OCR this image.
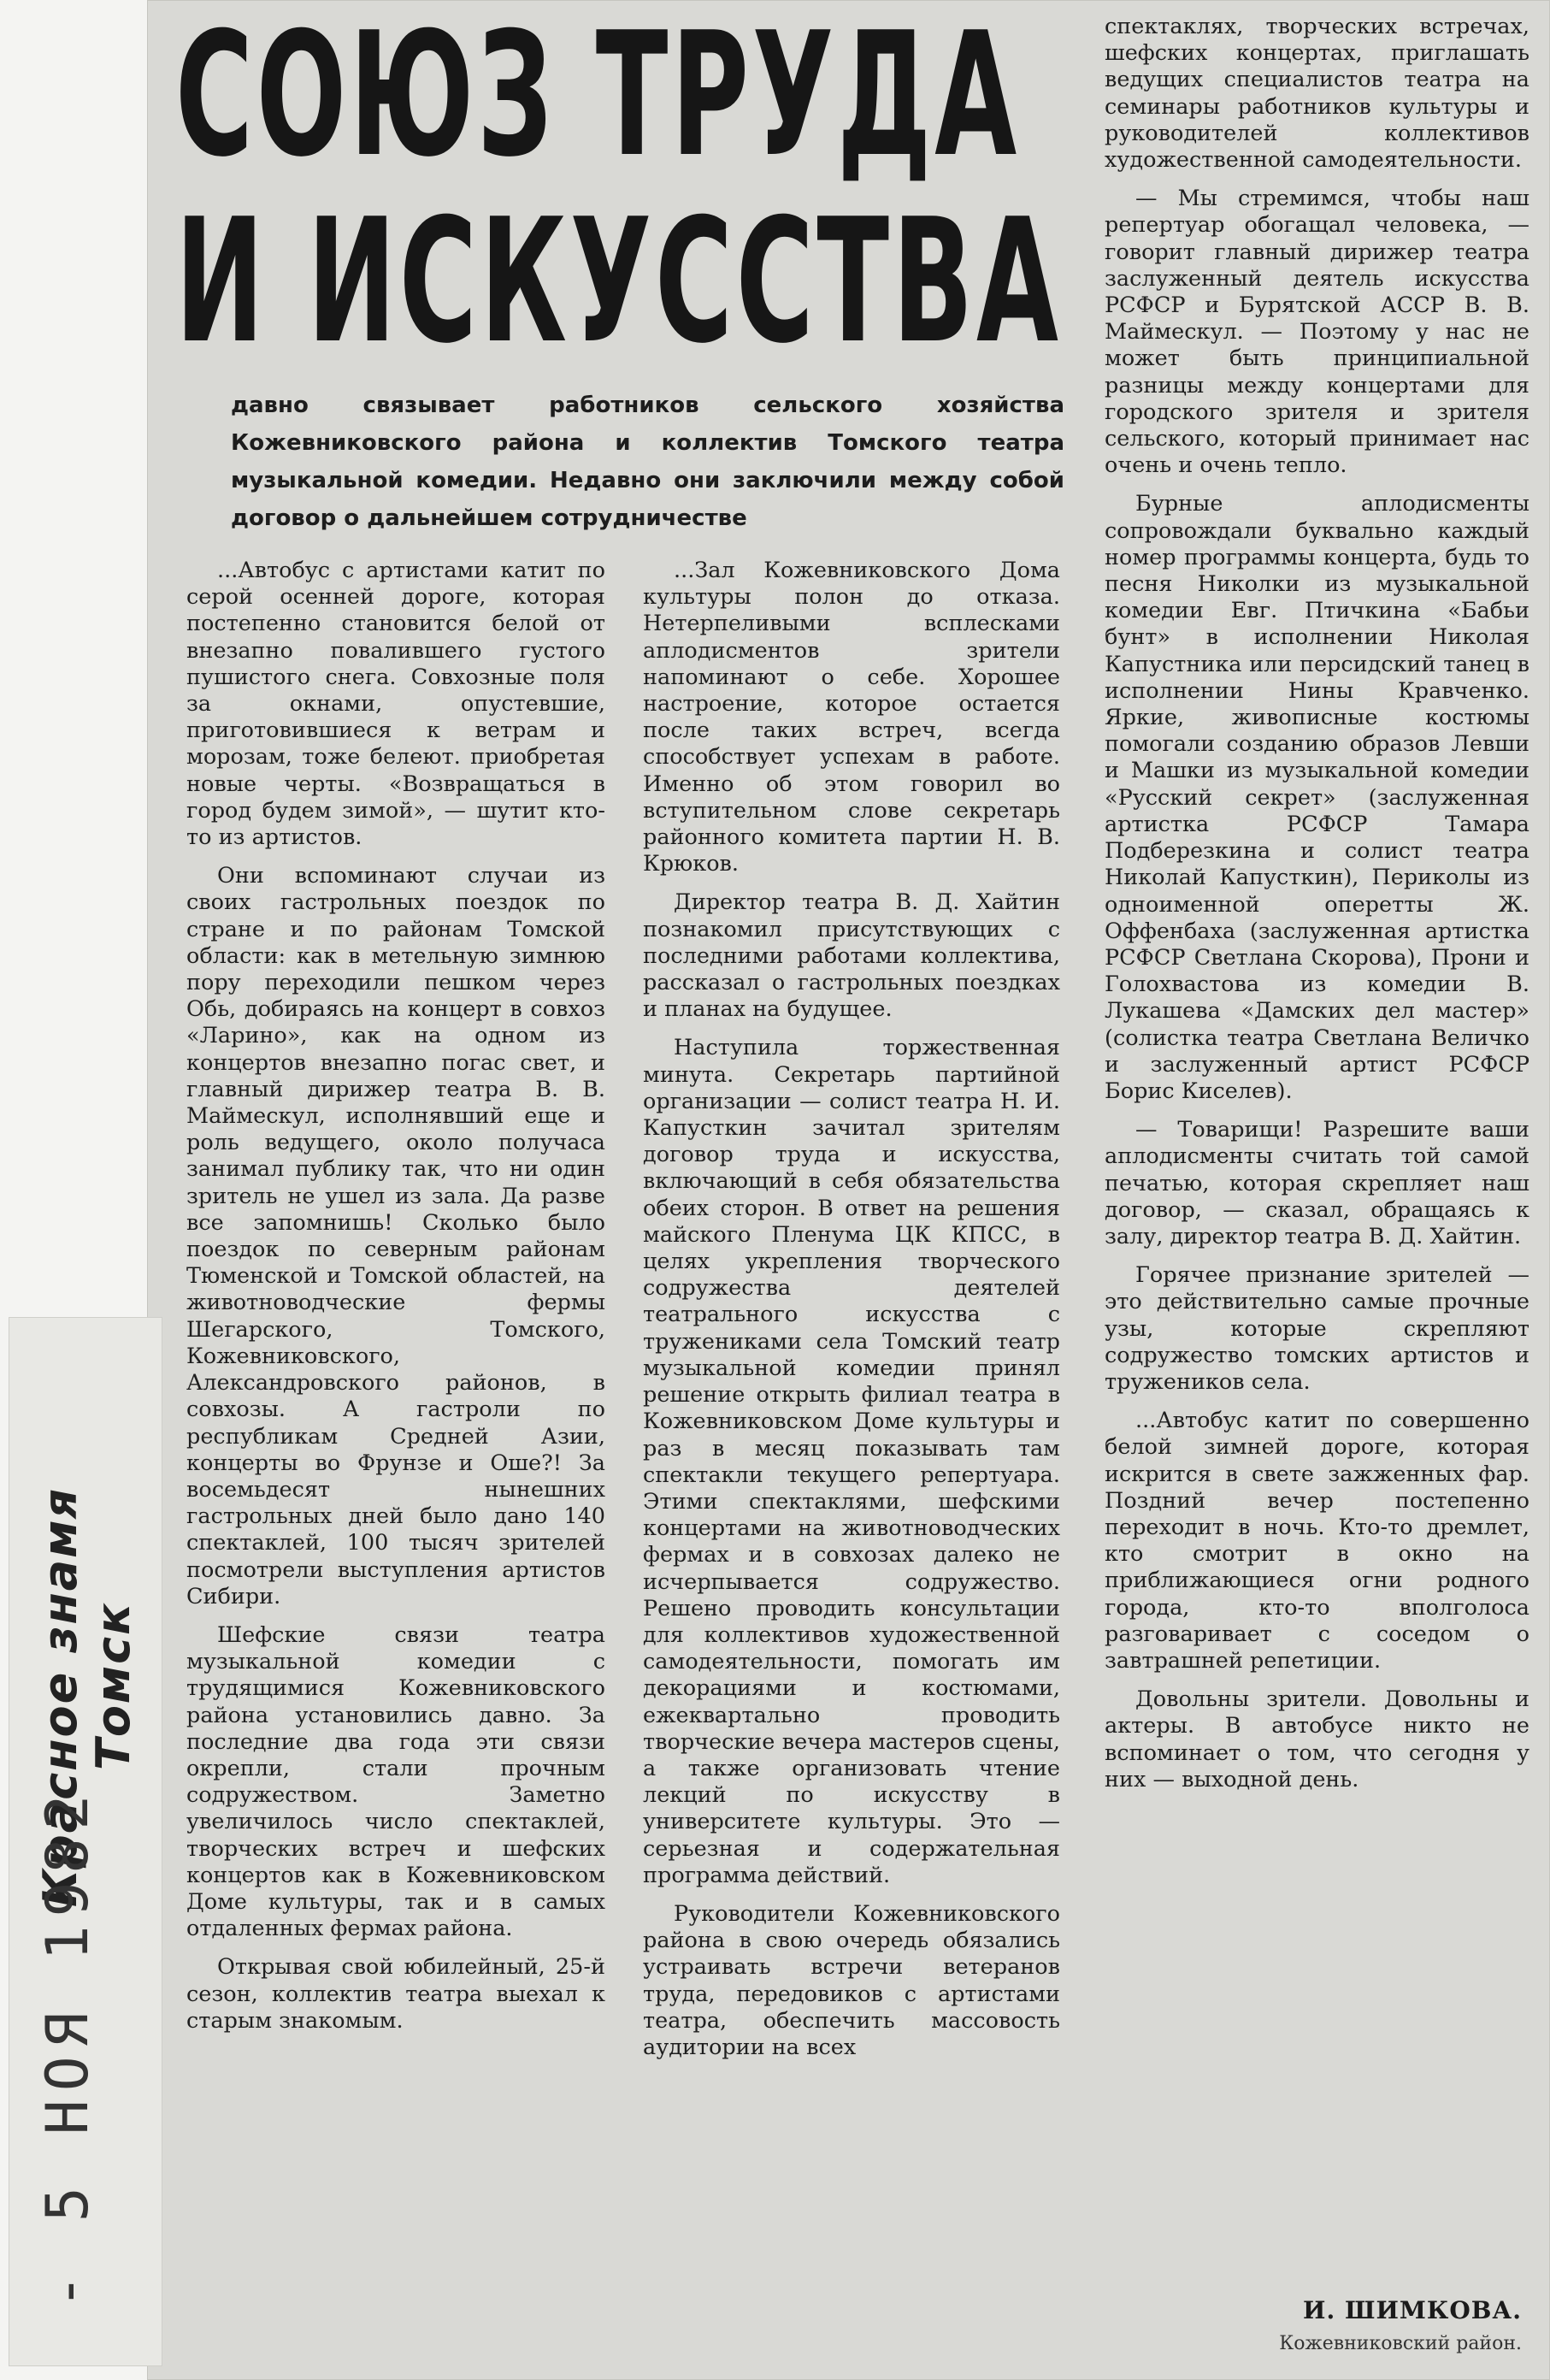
Красное знамя
Томск
- 5 НОЯ 1982
СОЮЗ ТРУДА
И ИСКУССТВА
давно связывает работников сельского хозяйства Кожевниковского района и коллектив Томского театра музыкальной комедии. Недавно они заключили между собой договор о дальнейшем сотрудничестве

...Автобус с артистами катит по серой осенней дороге, которая постепенно становится белой от внезапно повалившего густого пушистого снега. Совхозные поля за окнами, опустевшие, приготовившиеся к ветрам и морозам, тоже белеют. приобретая новые черты. «Возвращаться в город будем зимой», — шутит кто-то из артистов.

Они вспоминают случаи из своих гастрольных поездок по стране и по районам Томской области: как в метельную зимнюю пору переходили пешком через Обь, добираясь на концерт в совхоз «Ларино», как на одном из концертов внезапно погас свет, и главный дирижер театра В. В. Маймескул, исполнявший еще и роль ведущего, около получаса занимал публику так, что ни один зритель не ушел из зала. Да разве все запомнишь! Сколько было поездок по северным районам Тюменской и Томской областей, на животноводческие фермы Шегарского, Томского, Кожевниковского, Александровского районов, в совхозы. А гастроли по республикам Средней Азии, концерты во Фрунзе и Оше?! За восемьдесят нынешних гастрольных дней было дано 140 спектаклей, 100 тысяч зрителей посмотрели выступления артистов Сибири.

Шефские связи театра музыкальной комедии с трудящимися Кожевниковского района установились давно. За последние два года эти связи окрепли, стали прочным содружеством. Заметно увеличилось число спектаклей, творческих встреч и шефских концертов как в Кожевниковском Доме культуры, так и в самых отдаленных фермах района.

Открывая свой юбилейный, 25-й сезон, коллектив театра выехал к старым знакомым.

...Зал Кожевниковского Дома культуры полон до отказа. Нетерпеливыми всплесками аплодисментов зрители напоминают о себе. Хорошее настроение, которое остается после таких встреч, всегда способствует успехам в работе. Именно об этом говорил во вступительном слове секретарь районного комитета партии Н. В. Крюков.

Директор театра В. Д. Хайтин познакомил присутствующих с последними работами коллектива, рассказал о гастрольных поездках и планах на будущее.

Наступила торжественная минута. Секретарь партийной организации — солист театра Н. И. Капусткин зачитал зрителям договор труда и искусства, включающий в себя обязательства обеих сторон. В ответ на решения майского Пленума ЦК КПСС, в целях укрепления творческого содружества деятелей театрального искусства с тружениками села Томский театр музыкальной комедии принял решение открыть филиал театра в Кожевниковском Доме культуры и раз в месяц показывать там спектакли текущего репертуара. Этими спектаклями, шефскими концертами на животноводческих фермах и в совхозах далеко не исчерпывается содружество. Решено проводить консультации для коллективов художественной самодеятельности, помогать им декорациями и костюмами, ежеквартально проводить творческие вечера мастеров сцены, а также организовать чтение лекций по искусству в университете культуры. Это — серьезная и содержательная программа действий.

Руководители Кожевниковского района в свою очередь обязались устраивать встречи ветеранов труда, передовиков с артистами театра, обеспечить массовость аудитории на всех

спектаклях, творческих встречах, шефских концертах, приглашать ведущих специалистов театра на семинары работников культуры и руководителей коллективов художественной самодеятельности.

— Мы стремимся, чтобы наш репертуар обогащал человека, — говорит главный дирижер театра заслуженный деятель искусства РСФСР и Бурятской АССР В. В. Маймескул. — Поэтому у нас не может быть принципиальной разницы между концертами для городского зрителя и зрителя сельского, который принимает нас очень и очень тепло.

Бурные аплодисменты сопровождали буквально каждый номер программы концерта, будь то песня Николки из музыкальной комедии Евг. Птичкина «Бабьи бунт» в исполнении Николая Капустника или персидский танец в исполнении Нины Кравченко. Яркие, живописные костюмы помогали созданию образов Левши и Машки из музыкальной комедии «Русский секрет» (заслуженная артистка РСФСР Тамара Подберезкина и солист театра Николай Капусткин), Периколы из одноименной оперетты Ж. Оффенбаха (заслуженная артистка РСФСР Светлана Скорова), Прони и Голохвастова из комедии В. Лукашева «Дамских дел мастер» (солистка театра Светлана Величко и заслуженный артист РСФСР Борис Киселев).

— Товарищи! Разрешите ваши аплодисменты считать той самой печатью, которая скрепляет наш договор, — сказал, обращаясь к залу, директор театра В. Д. Хайтин.

Горячее признание зрителей — это действительно самые прочные узы, которые скрепляют содружество томских артистов и тружеников села.

...Автобус катит по совершенно белой зимней дороге, которая искрится в свете зажженных фар. Поздний вечер постепенно переходит в ночь. Кто-то дремлет, кто смотрит в окно на приближающиеся огни родного города, кто-то вполголоса разговаривает с соседом о завтрашней репетиции.

Довольны зрители. Довольны и актеры. В автобусе никто не вспоминает о том, что сегодня у них — выходной день.

И. ШИМКОВА.
Кожевниковский район.
